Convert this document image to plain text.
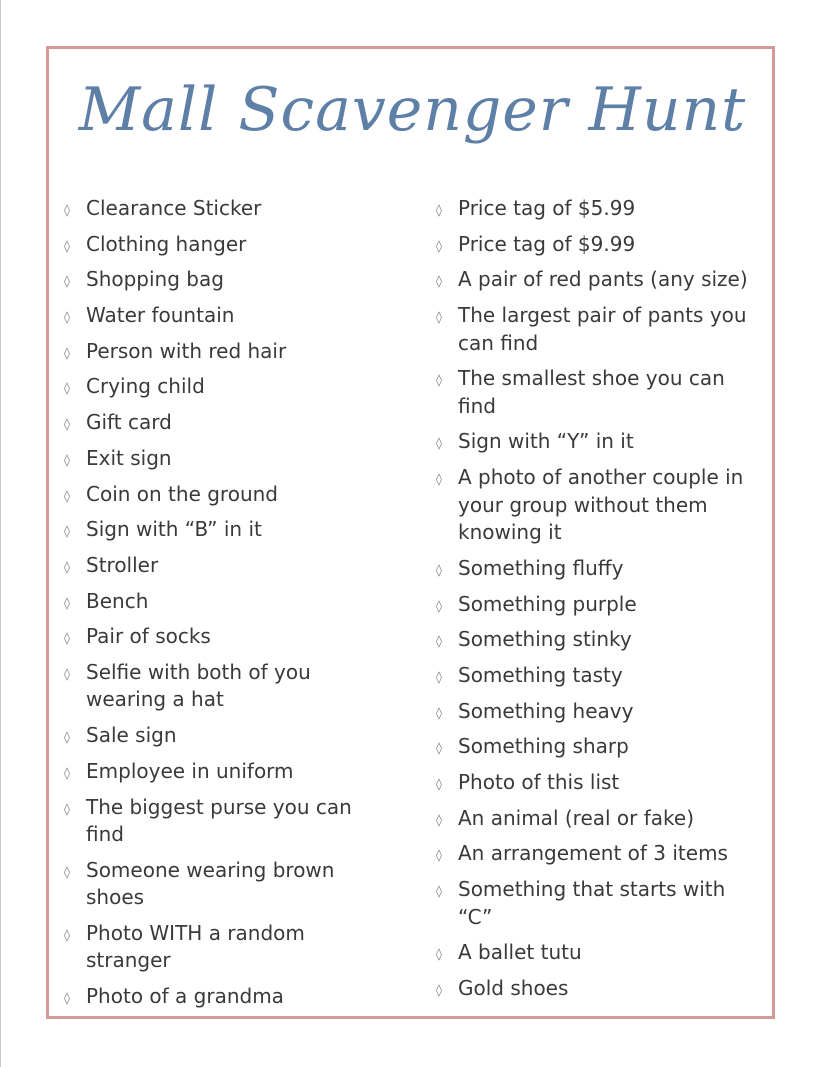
Mall Scavenger Hunt
◊ Clearance Sticker
◊ Clothing hanger
◊ Shopping bag
◊ Water fountain
◊ Person with red hair
◊ Crying child
◊ Gift card
◊ Exit sign
◊ Coin on the ground
◊ Sign with “B” in it
◊ Stroller
◊ Bench
◊ Pair of socks
◊ Selfie with both of you wearing a hat
◊ Sale sign
◊ Employee in uniform
◊ The biggest purse you can find
◊ Someone wearing brown shoes
◊ Photo WITH a random stranger
◊ Photo of a grandma
◊ Price tag of $5.99
◊ Price tag of $9.99
◊ A pair of red pants (any size)
◊ The largest pair of pants you can find
◊ The smallest shoe you can find
◊ Sign with “Y” in it
◊ A photo of another couple in your group without them knowing it
◊ Something fluffy
◊ Something purple
◊ Something stinky
◊ Something tasty
◊ Something heavy
◊ Something sharp
◊ Photo of this list
◊ An animal (real or fake)
◊ An arrangement of 3 items
◊ Something that starts with “C”
◊ A ballet tutu
◊ Gold shoes
